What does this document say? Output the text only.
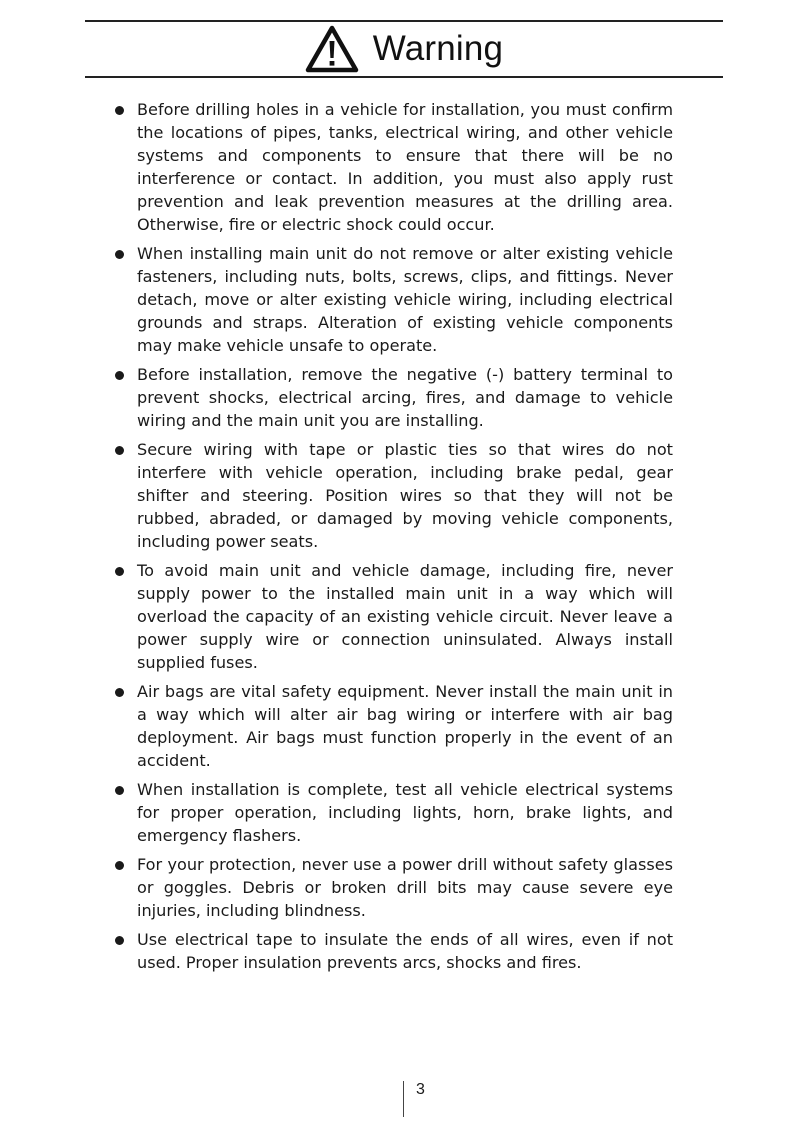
Warning
Before drilling holes in a vehicle for installation, you must confirm the locations of pipes, tanks, electrical wiring, and other vehicle systems and components to ensure that there will be no interference or contact. In addition, you must also apply rust prevention and leak prevention measures at the drilling area. Otherwise, fire or electric shock could occur.
When installing main unit do not remove or alter existing vehicle fasteners, including nuts, bolts, screws, clips, and fittings. Never detach, move or alter existing vehicle wiring, including electrical grounds and straps. Alteration of existing vehicle components may make vehicle unsafe to operate.
Before installation, remove the negative (-) battery terminal to prevent shocks, electrical arcing, fires, and damage to vehicle wiring and the main unit you are installing.
Secure wiring with tape or plastic ties so that wires do not interfere with vehicle operation, including brake pedal, gear shifter and steering. Position wires so that they will not be rubbed, abraded, or damaged by moving vehicle components, including power seats.
To avoid main unit and vehicle damage, including fire, never supply power to the installed main unit in a way which will overload the capacity of an existing vehicle circuit. Never leave a power supply wire or connection uninsulated. Always install supplied fuses.
Air bags are vital safety equipment. Never install the main unit in a way which will alter air bag wiring or interfere with air bag deployment. Air bags must function properly in the event of an accident.
When installation is complete, test all vehicle electrical systems for proper operation, including lights, horn, brake lights, and emergency flashers.
For your protection, never use a power drill without safety glasses or goggles. Debris or broken drill bits may cause severe eye injuries, including blindness.
Use electrical tape to insulate the ends of all wires, even if not used. Proper insulation prevents arcs, shocks and fires.
3
